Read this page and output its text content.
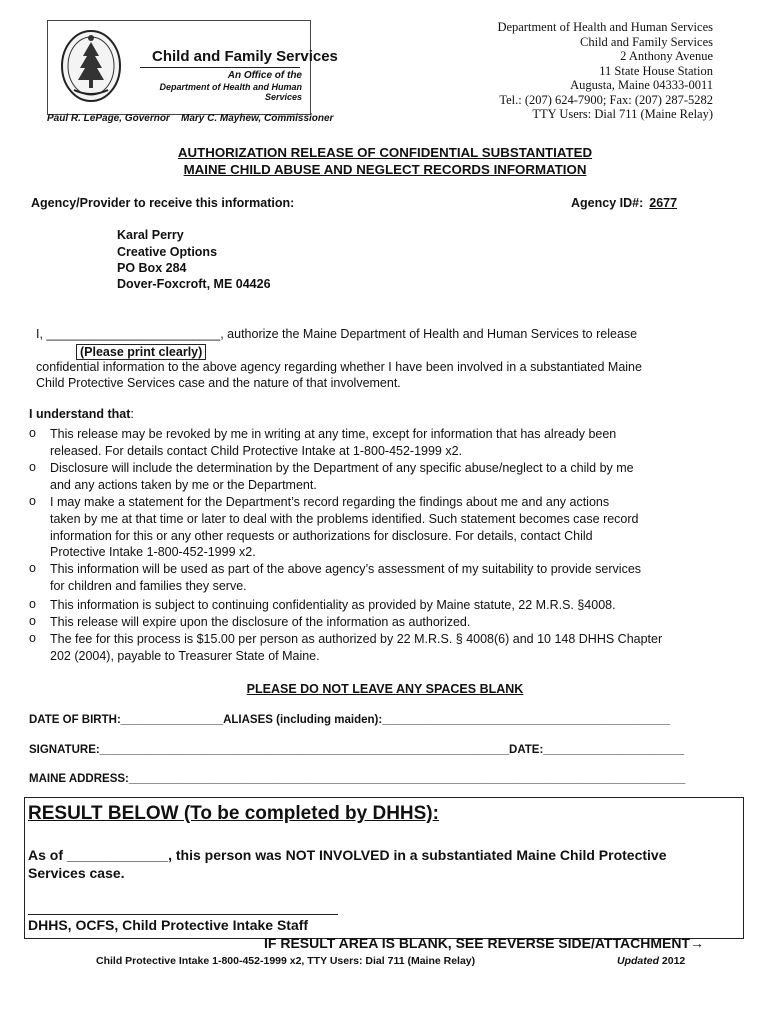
Child and Family Services
An Office of the
Department of Health and Human Services
Paul R. LePage, Governor Mary C. Mayhew, Commissioner
Department of Health and Human Services
Child and Family Services
2 Anthony Avenue
11 State House Station
Augusta, Maine 04333-0011
Tel.: (207) 624-7900; Fax: (207) 287-5282
TTY Users: Dial 711 (Maine Relay)
AUTHORIZATION RELEASE OF CONFIDENTIAL SUBSTANTIATED
MAINE CHILD ABUSE AND NEGLECT RECORDS INFORMATION
Agency/Provider to receive this information:	Agency ID#: 2677
Karal Perry
Creative Options
PO Box 284
Dover-Foxcroft, ME 04426
I, _________________________, authorize the Maine Department of Health and Human Services to release
(Please print clearly)
confidential information to the above agency regarding whether I have been involved in a substantiated Maine
Child Protective Services case and the nature of that involvement.
I understand that:
o This release may be revoked by me in writing at any time, except for information that has already been
released. For details contact Child Protective Intake at 1-800-452-1999 x2.
o Disclosure will include the determination by the Department of any specific abuse/neglect to a child by me
and any actions taken by me or the Department.
o I may make a statement for the Department’s record regarding the findings about me and any actions
taken by me at that time or later to deal with the problems identified. Such statement becomes case record
information for this or any other requests or authorizations for disclosure. For details, contact Child
Protective Intake 1-800-452-1999 x2.
o This information will be used as part of the above agency’s assessment of my suitability to provide services
for children and families they serve.
o This information is subject to continuing confidentiality as provided by Maine statute, 22 M.R.S. §4008.
o This release will expire upon the disclosure of the information as authorized.
o The fee for this process is $15.00 per person as authorized by 22 M.R.S. § 4008(6) and 10 148 DHHS Chapter
202 (2004), payable to Treasurer State of Maine.
PLEASE DO NOT LEAVE ANY SPACES BLANK
DATE OF BIRTH:________________ALIASES (including maiden):_____________________________________________
SIGNATURE:________________________________________________________________DATE:______________________
MAINE ADDRESS:_______________________________________________________________________________________
RESULT BELOW (To be completed by DHHS):
As of _____________, this person was NOT INVOLVED in a substantiated Maine Child Protective
Services case.
DHHS, OCFS, Child Protective Intake Staff
IF RESULT AREA IS BLANK, SEE REVERSE SIDE/ATTACHMENT→
Child Protective Intake 1-800-452-1999 x2, TTY Users: Dial 711 (Maine Relay)	Updated 2012
